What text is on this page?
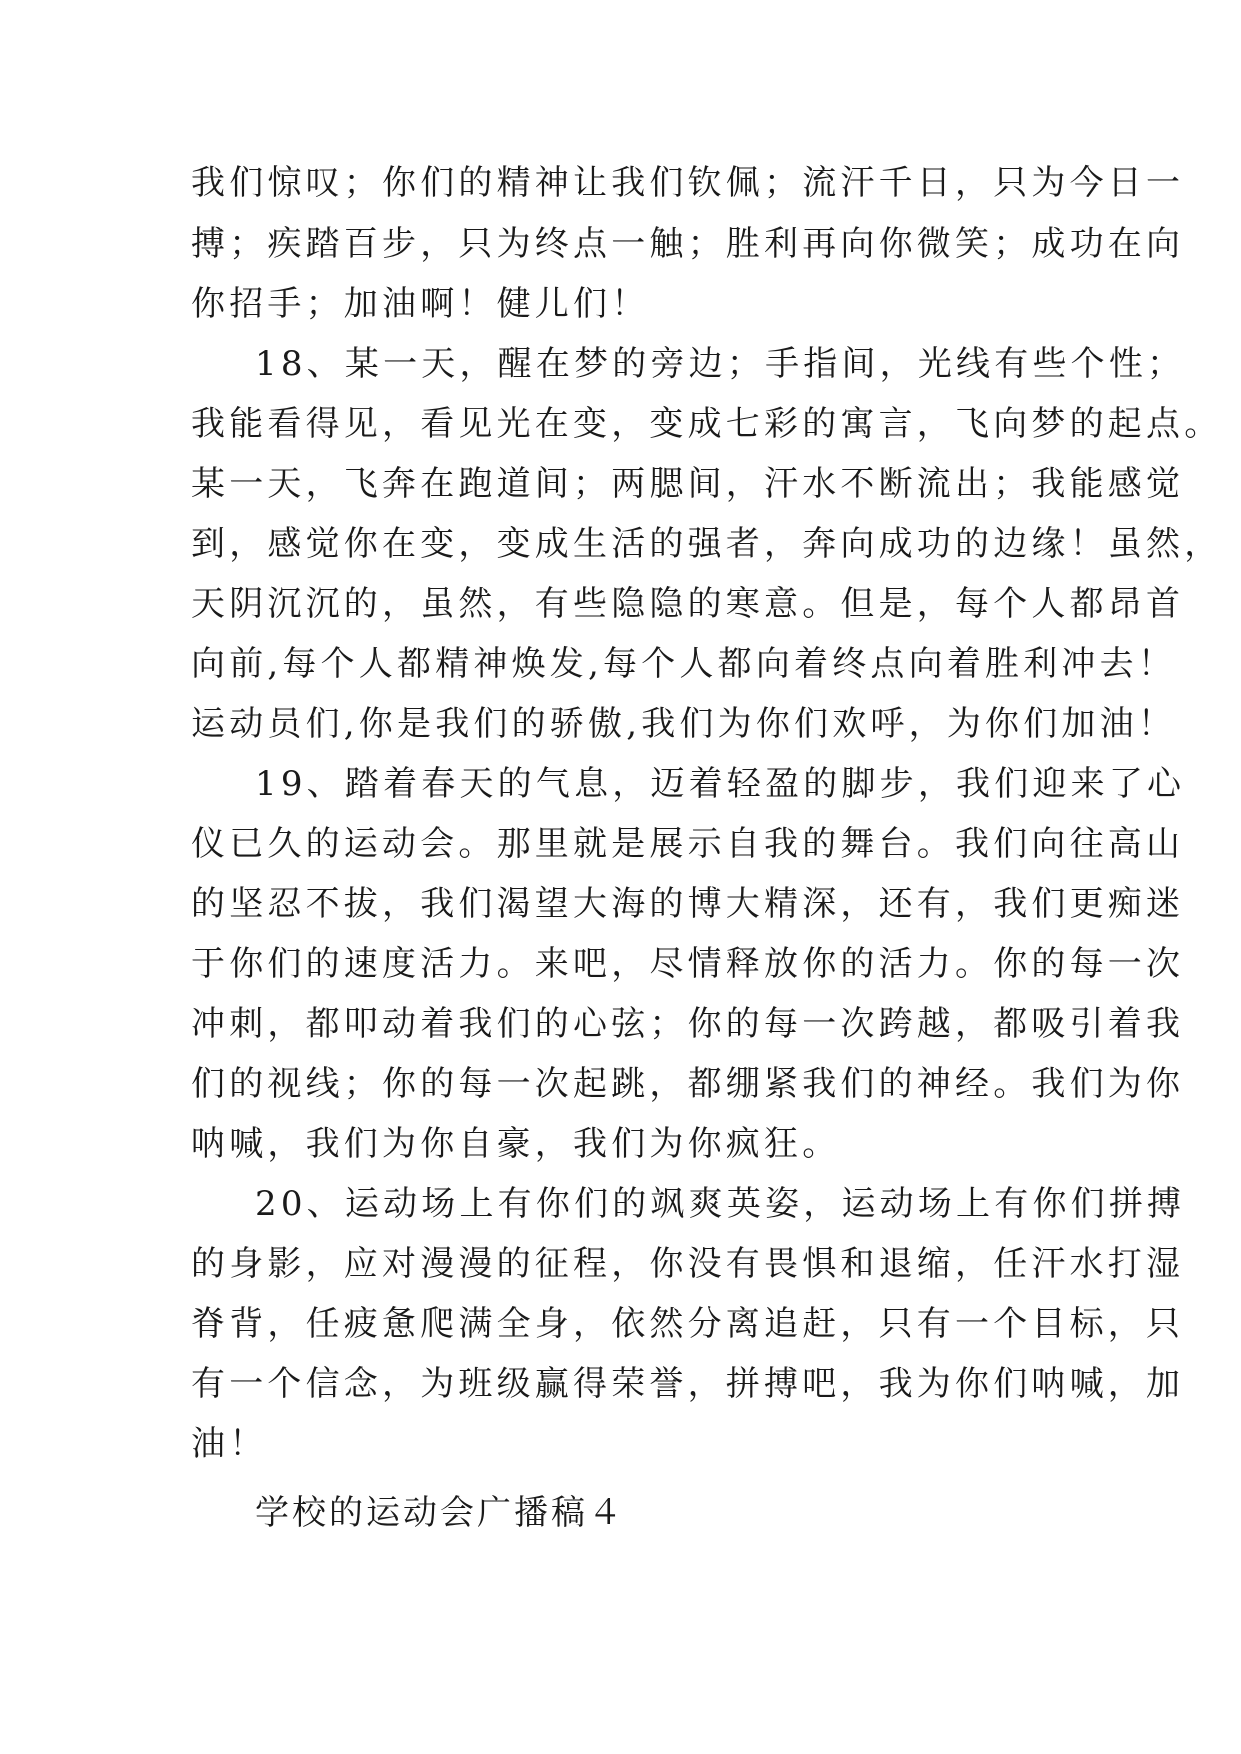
我们惊叹；你们的精神让我们钦佩；流汗千日，只为今日一
搏；疾踏百步，只为终点一触；胜利再向你微笑；成功在向
你招手；加油啊！健儿们！
18、某一天，醒在梦的旁边；手指间，光线有些个性；
我能看得见，看见光在变，变成七彩的寓言，飞向梦的起点。
某一天，飞奔在跑道间；两腮间，汗水不断流出；我能感觉
到，感觉你在变，变成生活的强者，奔向成功的边缘！虽然，
天阴沉沉的，虽然，有些隐隐的寒意。但是，每个人都昂首
向前,每个人都精神焕发,每个人都向着终点向着胜利冲去！
运动员们,你是我们的骄傲,我们为你们欢呼，为你们加油！
19、踏着春天的气息，迈着轻盈的脚步，我们迎来了心
仪已久的运动会。那里就是展示自我的舞台。我们向往高山
的坚忍不拔，我们渴望大海的博大精深，还有，我们更痴迷
于你们的速度活力。来吧，尽情释放你的活力。你的每一次
冲刺，都叩动着我们的心弦；你的每一次跨越，都吸引着我
们的视线；你的每一次起跳，都绷紧我们的神经。我们为你
呐喊，我们为你自豪，我们为你疯狂。
20、运动场上有你们的飒爽英姿，运动场上有你们拼搏
的身影，应对漫漫的征程，你没有畏惧和退缩，任汗水打湿
脊背，任疲惫爬满全身，依然分离追赶，只有一个目标，只
有一个信念，为班级赢得荣誉，拼搏吧，我为你们呐喊，加
油！
学校的运动会广播稿４
